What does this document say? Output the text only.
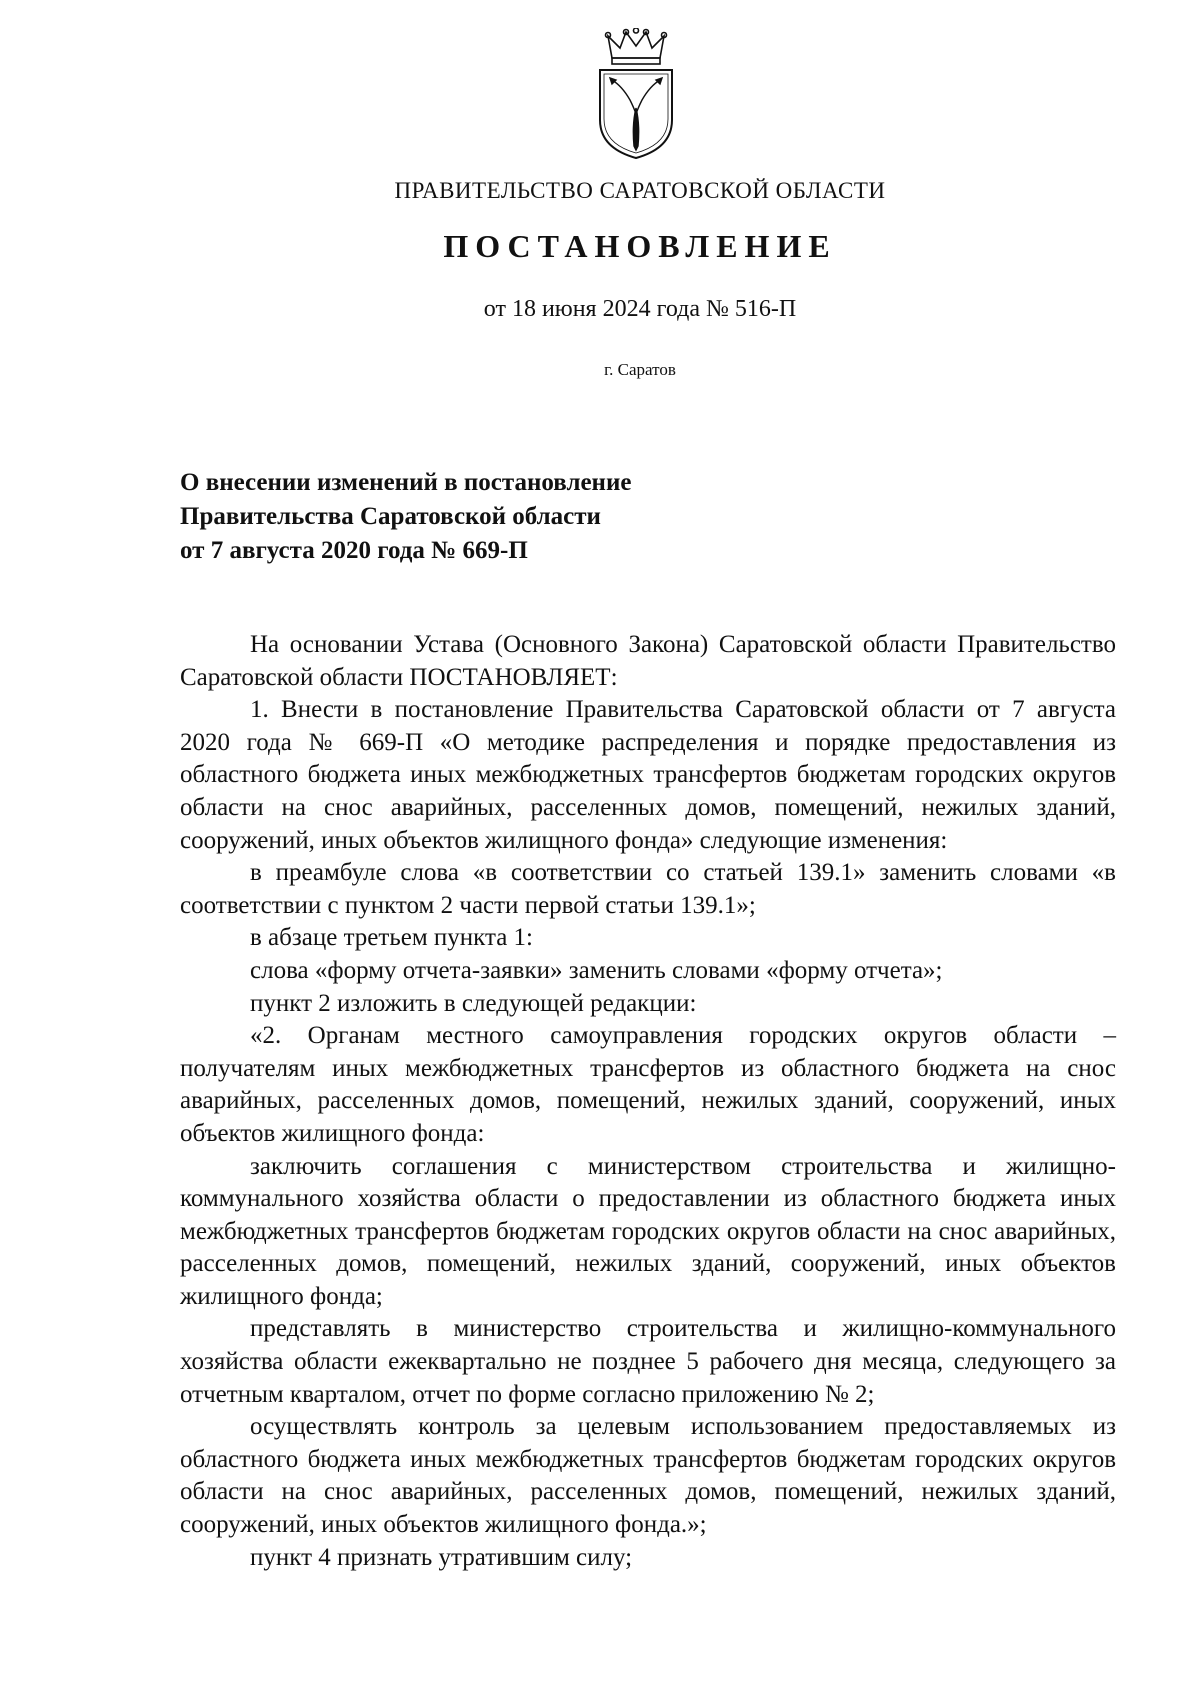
ПРАВИТЕЛЬСТВО САРАТОВСКОЙ ОБЛАСТИ
ПОСТАНОВЛЕНИЕ
от 18 июня 2024 года № 516-П
г. Саратов
О внесении изменений в постановление
Правительства Саратовской области
от 7 августа 2020 года № 669-П

На основании Устава (Основного Закона) Саратовской области Правительство Саратовской области ПОСТАНОВЛЯЕТ:

1. Внести в постановление Правительства Саратовской области от 7 августа 2020 года № 669-П «О методике распределения и порядке предоставления из областного бюджета иных межбюджетных трансфертов бюджетам городских округов области на снос аварийных, расселенных домов, помещений, нежилых зданий, сооружений, иных объектов жилищного фонда» следующие изменения:

в преамбуле слова «в соответствии со статьей 139.1» заменить словами «в соответствии с пунктом 2 части первой статьи 139.1»;

в абзаце третьем пункта 1:

слова «форму отчета-заявки» заменить словами «форму отчета»;

пункт 2 изложить в следующей редакции:

«2. Органам местного самоуправления городских округов области – получателям иных межбюджетных трансфертов из областного бюджета на снос аварийных, расселенных домов, помещений, нежилых зданий, сооружений, иных объектов жилищного фонда:

заключить соглашения с министерством строительства и жилищно-коммунального хозяйства области о предоставлении из областного бюджета иных межбюджетных трансфертов бюджетам городских округов области на снос аварийных, расселенных домов, помещений, нежилых зданий, сооружений, иных объектов жилищного фонда;

представлять в министерство строительства и жилищно-коммунального хозяйства области ежеквартально не позднее 5 рабочего дня месяца, следующего за отчетным кварталом, отчет по форме согласно приложению № 2;

осуществлять контроль за целевым использованием предоставляемых из областного бюджета иных межбюджетных трансфертов бюджетам городских округов области на снос аварийных, расселенных домов, помещений, нежилых зданий, сооружений, иных объектов жилищного фонда.»;

пункт 4 признать утратившим силу;
